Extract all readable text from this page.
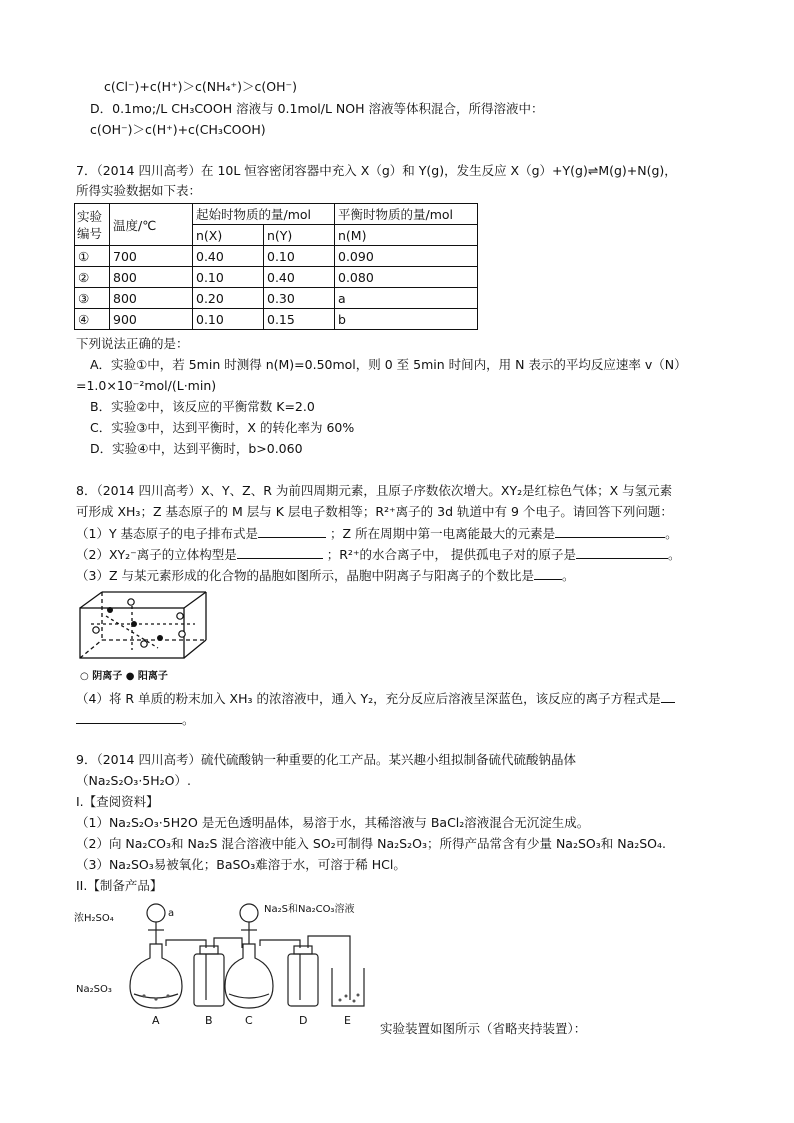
c(Cl⁻)+c(H⁺)＞c(NH₄⁺)＞c(OH⁻)
D．0.1mo;/L CH₃COOH 溶液与 0.1mol/L NOH 溶液等体积混合，所得溶液中：
c(OH⁻)＞c(H⁺)+c(CH₃COOH)
7．（2014 四川高考）在 10L 恒容密闭容器中充入 X（g）和 Y(g)，发生反应 X（g）+Y(g)⇌M(g)+N(g)，
所得实验数据如下表：
实验
编号	温度/℃	起始时物质的量/mol		平衡时物质的量/mol
		n(X)	n(Y)	n(M)
①	700	0.40	0.10	0.090
②	800	0.10	0.40	0.080
③	800	0.20	0.30	a
④	900	0.10	0.15	b
下列说法正确的是：
A．实验①中，若 5min 时测得 n(M)=0.50mol，则 0 至 5min 时间内，用 N 表示的平均反应速率 v（N）
=1.0×10⁻²mol/(L·min)
B．实验②中，该反应的平衡常数 K=2.0
C．实验③中，达到平衡时，X 的转化率为 60%
D．实验④中，达到平衡时，b>0.060
8．（2014 四川高考）X、Y、Z、R 为前四周期元素，且原子序数依次增大。XY₂是红棕色气体；X 与氢元素
可形成 XH₃；Z 基态原子的 M 层与 K 层电子数相等；R²⁺离子的 3d 轨道中有 9 个电子。请回答下列问题：
（1）Y 基态原子的电子排布式是	；Z 所在周期中第一电离能最大的元素是	。
（2）XY₂⁻离子的立体构型是	；R²⁺的水合离子中， 提供孤电子对的原子是	。
（3）Z 与某元素形成的化合物的晶胞如图所示，晶胞中阴离子与阳离子的个数比是 。
○ 阴离子 ● 阳离子
（4）将 R 单质的粉末加入 XH₃ 的浓溶液中，通入 Y₂，充分反应后溶液呈深蓝色，该反应的离子方程式是
。
9．（2014 四川高考）硫代硫酸钠一种重要的化工产品。某兴趣小组拟制备硫代硫酸钠晶体
（Na₂S₂O₃·5H₂O）.
I.【查阅资料】
（1）Na₂S₂O₃·5H2O 是无色透明晶体，易溶于水，其稀溶液与 BaCl₂溶液混合无沉淀生成。
（2）向 Na₂CO₃和 Na₂S 混合溶液中能入 SO₂可制得 Na₂S₂O₃；所得产品常含有少量 Na₂SO₃和 Na₂SO₄.
（3）Na₂SO₃易被氧化；BaSO₃难溶于水，可溶于稀 HCl。
II.【制备产品】
浓H₂SO₄	a	Na₂S和Na₂CO₃溶液
Na₂SO₃
A	B	C	D	E
实验装置如图所示（省略夹持装置）：
